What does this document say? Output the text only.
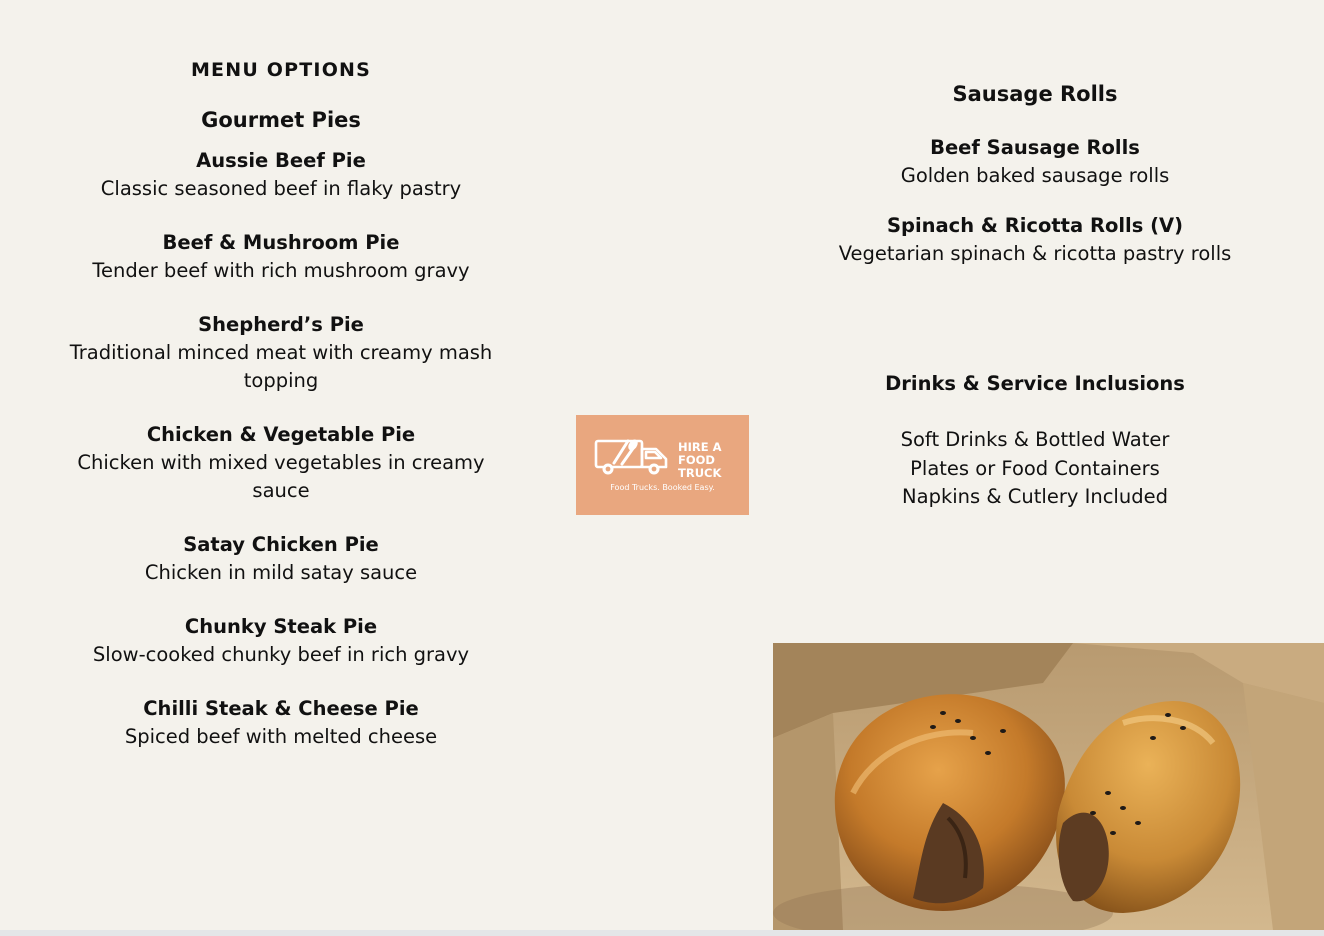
MENU OPTIONS
Gourmet Pies
Aussie Beef Pie
Classic seasoned beef in flaky pastry
Beef & Mushroom Pie
Tender beef with rich mushroom gravy
Shepherd’s Pie
Traditional minced meat with creamy mash topping
Chicken & Vegetable Pie
Chicken with mixed vegetables in creamy sauce
Satay Chicken Pie
Chicken in mild satay sauce
Chunky Steak Pie
Slow-cooked chunky beef in rich gravy
Chilli Steak & Cheese Pie
Spiced beef with melted cheese
HIRE A
FOOD
TRUCK
Food Trucks. Booked Easy.
Sausage Rolls
Beef Sausage Rolls
Golden baked sausage rolls
Spinach & Ricotta Rolls (V)
Vegetarian spinach & ricotta pastry rolls
Drinks & Service Inclusions
Soft Drinks & Bottled Water
Plates or Food Containers
Napkins & Cutlery Included
